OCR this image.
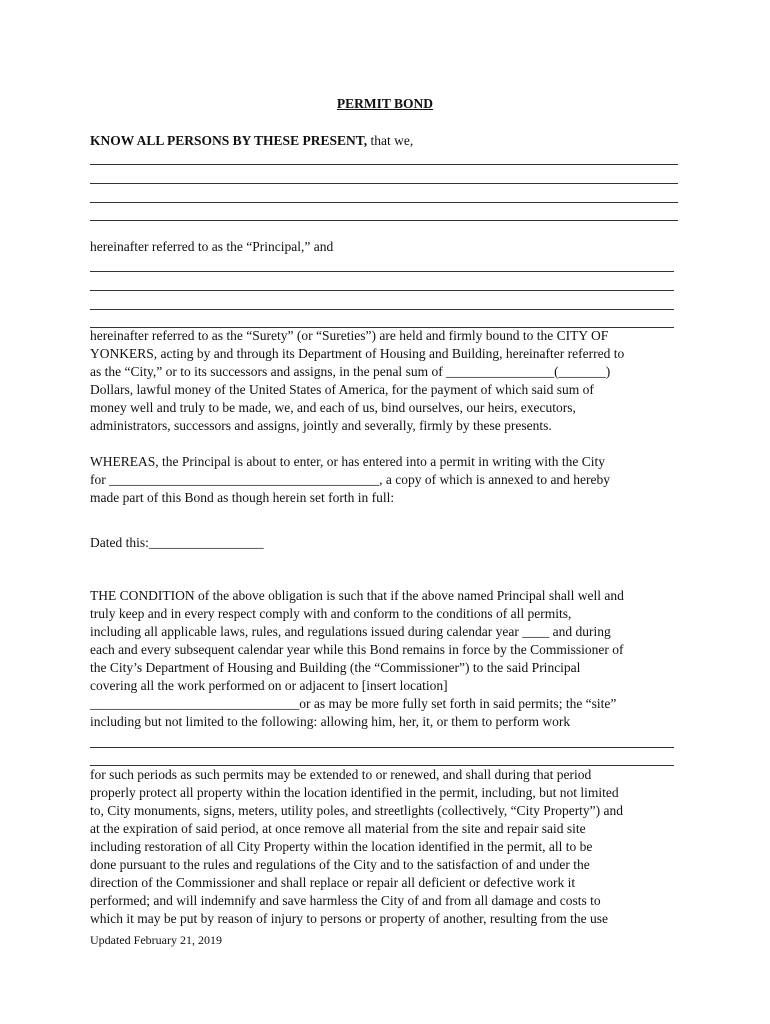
PERMIT BOND
KNOW ALL PERSONS BY THESE PRESENT, that we,
hereinafter referred to as the “Principal,” and
hereinafter referred to as the “Surety” (or “Sureties”) are held and firmly bound to the CITY OF
YONKERS, acting by and through its Department of Housing and Building, hereinafter referred to
as the “City,” or to its successors and assigns, in the penal sum of ________________(_______)
Dollars, lawful money of the United States of America, for the payment of which said sum of
money well and truly to be made, we, and each of us, bind ourselves, our heirs, executors,
administrators, successors and assigns, jointly and severally, firmly by these presents.
WHEREAS, the Principal is about to enter, or has entered into a permit in writing with the City
for ________________________________________, a copy of which is annexed to and hereby
made part of this Bond as though herein set forth in full:
Dated this:_________________
THE CONDITION of the above obligation is such that if the above named Principal shall well and
truly keep and in every respect comply with and conform to the conditions of all permits,
including all applicable laws, rules, and regulations issued during calendar year ____ and during
each and every subsequent calendar year while this Bond remains in force by the Commissioner of
the City’s Department of Housing and Building (the “Commissioner”) to the said Principal
covering all the work performed on or adjacent to [insert location]
_______________________________or as may be more fully set forth in said permits; the “site”
including but not limited to the following: allowing him, her, it, or them to perform work
for such periods as such permits may be extended to or renewed, and shall during that period
properly protect all property within the location identified in the permit, including, but not limited
to, City monuments, signs, meters, utility poles, and streetlights (collectively, “City Property”) and
at the expiration of said period, at once remove all material from the site and repair said site
including restoration of all City Property within the location identified in the permit, all to be
done pursuant to the rules and regulations of the City and to the satisfaction of and under the
direction of the Commissioner and shall replace or repair all deficient or defective work it
performed; and will indemnify and save harmless the City of and from all damage and costs to
which it may be put by reason of injury to persons or property of another, resulting from the use
Updated February 21, 2019
